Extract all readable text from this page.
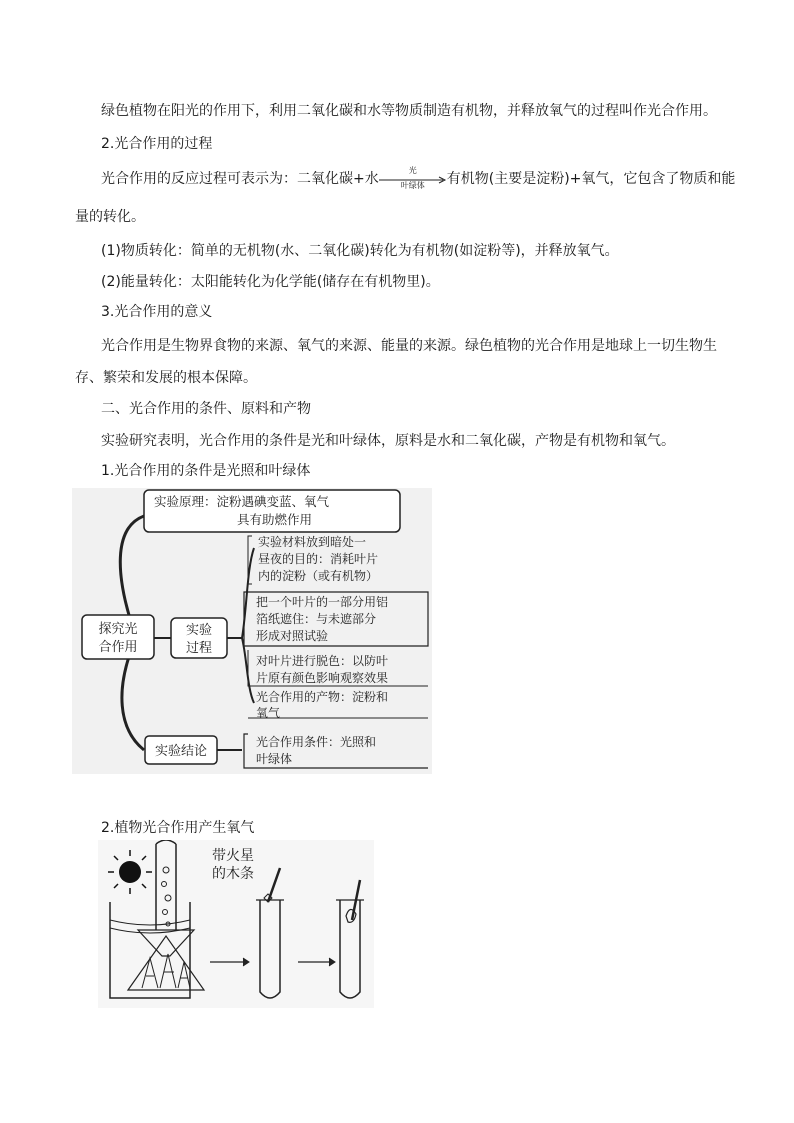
绿色植物在阳光的作用下，利用二氧化碳和水等物质制造有机物，并释放氧气的过程叫作光合作用。
2.光合作用的过程
光合作用的反应过程可表示为：二氧化碳+水
光
叶绿体	有机物(主要是淀粉)+氧气，它包含了物质和能
量的转化。
(1)物质转化：简单的无机物(水、二氧化碳)转化为有机物(如淀粉等)，并释放氧气。
(2)能量转化：太阳能转化为化学能(储存在有机物里)。
3.光合作用的意义
光合作用是生物界食物的来源、氧气的来源、能量的来源。绿色植物的光合作用是地球上一切生物生
存、繁荣和发展的根本保障。
二、光合作用的条件、原料和产物
实验研究表明，光合作用的条件是光和叶绿体，原料是水和二氧化碳，产物是有机物和氧气。
1.光合作用的条件是光照和叶绿体
探究光
合作用
实验原理：淀粉遇碘变蓝、氧气
具有助燃作用
实验
过程
实验材料放到暗处一
昼夜的目的：消耗叶片
内的淀粉（或有机物）
把一个叶片的一部分用铝
箔纸遮住：与未遮部分
形成对照试验
对叶片进行脱色：以防叶
片原有颜色影响观察效果
光合作用的产物：淀粉和
氧气
实验结论
光合作用条件：光照和
叶绿体
2.植物光合作用产生氧气
带火星
的木条
